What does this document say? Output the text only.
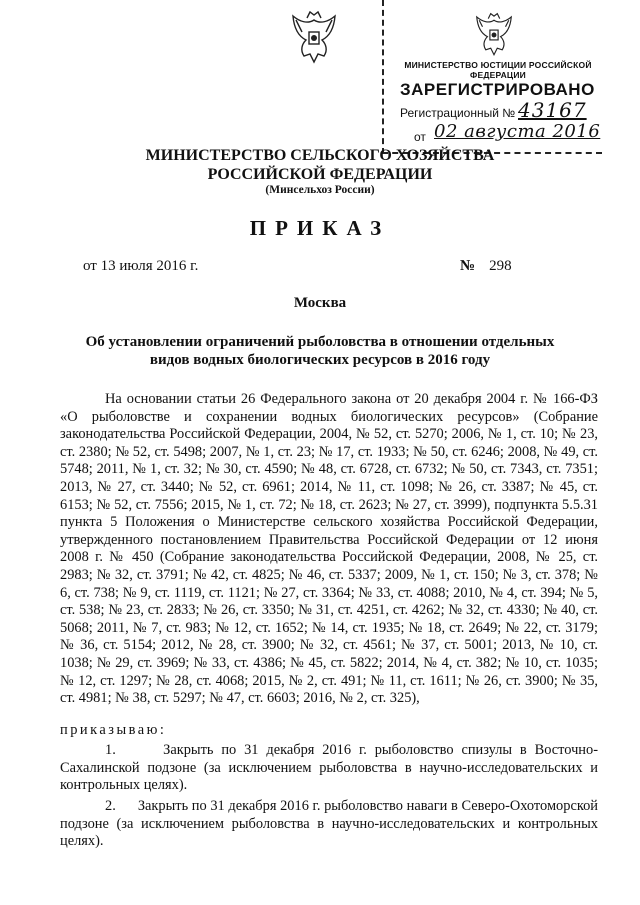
МИНИСТЕРСТВО ЮСТИЦИИ РОССИЙСКОЙ ФЕДЕРАЦИИ
ЗАРЕГИСТРИРОВАНО
Регистрационный № 43167
от 02 августа 2016
МИНИСТЕРСТВО СЕЛЬСКОГО ХОЗЯЙСТВА
РОССИЙСКОЙ ФЕДЕРАЦИИ
(Минсельхоз России)
ПРИКАЗ
от 13 июля 2016 г.	№ 298
Москва
Об установлении ограничений рыболовства в отношении отдельных
видов водных биологических ресурсов в 2016 году
На основании статьи 26 Федерального закона от 20 декабря 2004 г. № 166-ФЗ «О рыболовстве и сохранении водных биологических ресурсов» (Собрание законодательства Российской Федерации, 2004, № 52, ст. 5270; 2006, № 1, ст. 10; № 23, ст. 2380; № 52, ст. 5498; 2007, № 1, ст. 23; № 17, ст. 1933; № 50, ст. 6246; 2008, № 49, ст. 5748; 2011, № 1, ст. 32; № 30, ст. 4590; № 48, ст. 6728, ст. 6732; № 50, ст. 7343, ст. 7351; 2013, № 27, ст. 3440; № 52, ст. 6961; 2014, № 11, ст. 1098; № 26, ст. 3387; № 45, ст. 6153; № 52, ст. 7556; 2015, № 1, ст. 72; № 18, ст. 2623; № 27, ст. 3999), подпункта 5.5.31 пункта 5 Положения о Министерстве сельского хозяйства Российской Федерации, утвержденного постановлением Правительства Российской Федерации от 12 июня 2008 г. № 450 (Собрание законодательства Российской Федерации, 2008, № 25, ст. 2983; № 32, ст. 3791; № 42, ст. 4825; № 46, ст. 5337; 2009, № 1, ст. 150; № 3, ст. 378; № 6, ст. 738; № 9, ст. 1119, ст. 1121; № 27, ст. 3364; № 33, ст. 4088; 2010, № 4, ст. 394; № 5, ст. 538; № 23, ст. 2833; № 26, ст. 3350; № 31, ст. 4251, ст. 4262; № 32, ст. 4330; № 40, ст. 5068; 2011, № 7, ст. 983; № 12, ст. 1652; № 14, ст. 1935; № 18, ст. 2649; № 22, ст. 3179; № 36, ст. 5154; 2012, № 28, ст. 3900; № 32, ст. 4561; № 37, ст. 5001; 2013, № 10, ст. 1038; № 29, ст. 3969; № 33, ст. 4386; № 45, ст. 5822; 2014, № 4, ст. 382; № 10, ст. 1035; № 12, ст. 1297; № 28, ст. 4068; 2015, № 2, ст. 491; № 11, ст. 1611; № 26, ст. 3900; № 35, ст. 4981; № 38, ст. 5297; № 47, ст. 6603; 2016, № 2, ст. 325),
приказываю:
1.      Закрыть по 31 декабря 2016 г. рыболовство спизулы в Восточно-Сахалинской подзоне (за исключением рыболовства в научно-исследовательских и контрольных целях).
2.      Закрыть по 31 декабря 2016 г. рыболовство наваги в Северо-Охотоморской подзоне (за исключением рыболовства в научно-исследовательских и контрольных целях).
